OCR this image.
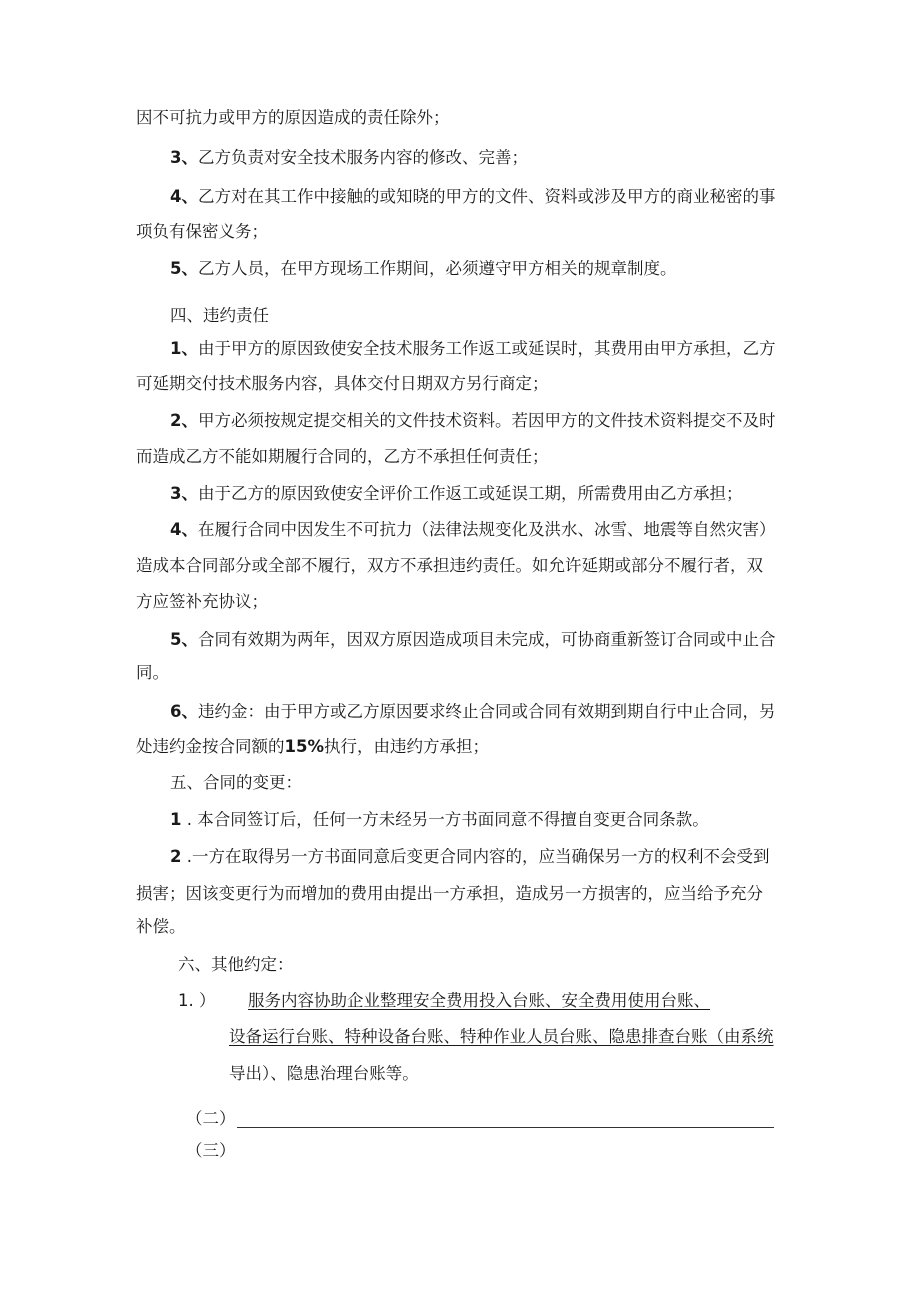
因不可抗力或甲方的原因造成的责任除外；
3、乙方负责对安全技术服务内容的修改、完善；
4、乙方对在其工作中接触的或知晓的甲方的文件、资料或涉及甲方的商业秘密的事
项负有保密义务；
5、乙方人员，在甲方现场工作期间，必须遵守甲方相关的规章制度。
四、违约责任
1、由于甲方的原因致使安全技术服务工作返工或延误时，其费用由甲方承担，乙方
可延期交付技术服务内容，具体交付日期双方另行商定；
2、甲方必须按规定提交相关的文件技术资料。若因甲方的文件技术资料提交不及时
而造成乙方不能如期履行合同的，乙方不承担任何责任；
3、由于乙方的原因致使安全评价工作返工或延误工期，所需费用由乙方承担；
4、在履行合同中因发生不可抗力（法律法规变化及洪水、冰雪、地震等自然灾害）
造成本合同部分或全部不履行，双方不承担违约责任。如允许延期或部分不履行者，双
方应签补充协议；
5、合同有效期为两年，因双方原因造成项目未完成，可协商重新签订合同或中止合
同。
6、违约金：由于甲方或乙方原因要求终止合同或合同有效期到期自行中止合同，另
处违约金按合同额的15%执行，由违约方承担；
五、合同的变更：
1 . 本合同签订后，任何一方未经另一方书面同意不得擅自变更合同条款。
2 .一方在取得另一方书面同意后变更合同内容的，应当确保另一方的权利不会受到
损害；因该变更行为而增加的费用由提出一方承担，造成另一方损害的，应当给予充分
补偿。
六、其他约定：
1. ） 服务内容协助企业整理安全费用投入台账、安全费用使用台账、
设备运行台账、特种设备台账、特种作业人员台账、隐患排查台账（由系统
导出）、隐患治理台账等。
（二）
（三）
